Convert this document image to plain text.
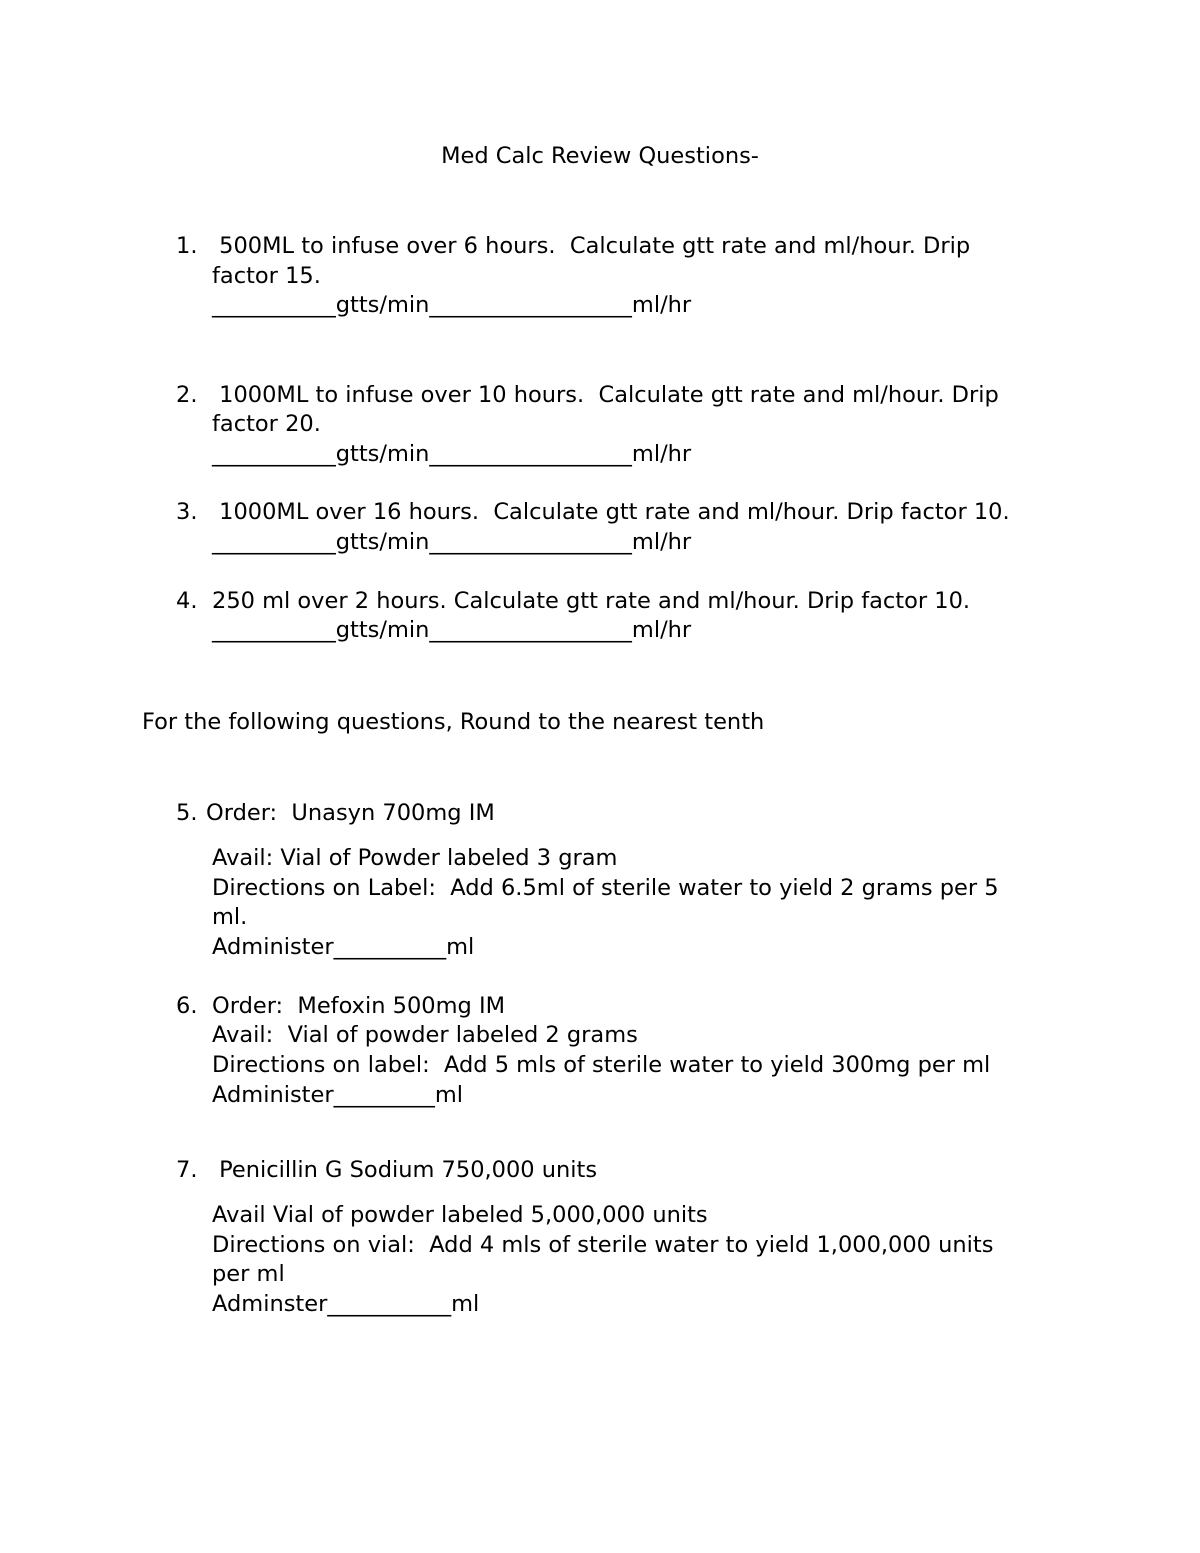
Med Calc Review Questions-
1. 500ML to infuse over 6 hours.  Calculate gtt rate and ml/hour. Drip
factor 15.
___________gtts/min__________________ml/hr
2. 1000ML to infuse over 10 hours.  Calculate gtt rate and ml/hour. Drip
factor 20.
___________gtts/min__________________ml/hr
3. 1000ML over 16 hours.  Calculate gtt rate and ml/hour. Drip factor 10.
___________gtts/min__________________ml/hr
4. 250 ml over 2 hours. Calculate gtt rate and ml/hour. Drip factor 10.
___________gtts/min__________________ml/hr
For the following questions, Round to the nearest tenth
5. Order:  Unasyn 700mg IM
Avail: Vial of Powder labeled 3 gram
Directions on Label:  Add 6.5ml of sterile water to yield 2 grams per 5
ml.
Administer__________ml
6. Order:  Mefoxin 500mg IM
Avail:  Vial of powder labeled 2 grams
Directions on label:  Add 5 mls of sterile water to yield 300mg per ml
Administer_________ml
7. Penicillin G Sodium 750,000 units
Avail Vial of powder labeled 5,000,000 units
Directions on vial:  Add 4 mls of sterile water to yield 1,000,000 units
per ml
Adminster___________ml
